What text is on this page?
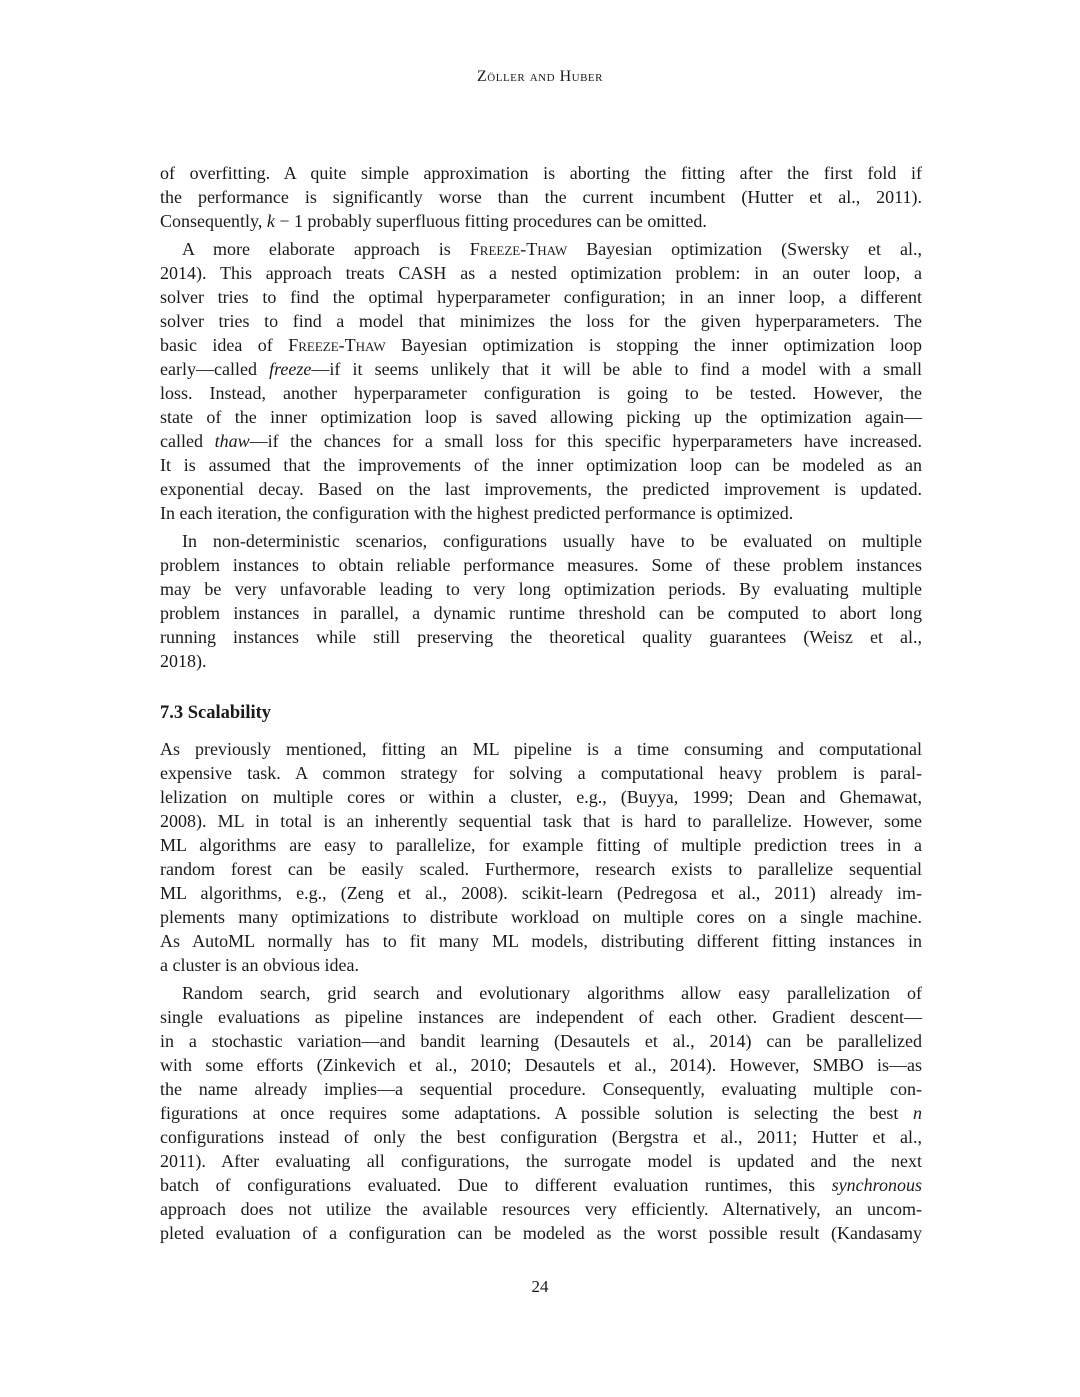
Zöller and Huber
of overfitting. A quite simple approximation is aborting the fitting after the first fold if
the performance is significantly worse than the current incumbent (Hutter et al., 2011).
Consequently, k − 1 probably superfluous fitting procedures can be omitted.
A more elaborate approach is Freeze-Thaw Bayesian optimization (Swersky et al.,
2014). This approach treats CASH as a nested optimization problem: in an outer loop, a
solver tries to find the optimal hyperparameter configuration; in an inner loop, a different
solver tries to find a model that minimizes the loss for the given hyperparameters. The
basic idea of Freeze-Thaw Bayesian optimization is stopping the inner optimization loop
early—called freeze—if it seems unlikely that it will be able to find a model with a small
loss. Instead, another hyperparameter configuration is going to be tested. However, the
state of the inner optimization loop is saved allowing picking up the optimization again—
called thaw—if the chances for a small loss for this specific hyperparameters have increased.
It is assumed that the improvements of the inner optimization loop can be modeled as an
exponential decay. Based on the last improvements, the predicted improvement is updated.
In each iteration, the configuration with the highest predicted performance is optimized.
In non-deterministic scenarios, configurations usually have to be evaluated on multiple
problem instances to obtain reliable performance measures. Some of these problem instances
may be very unfavorable leading to very long optimization periods. By evaluating multiple
problem instances in parallel, a dynamic runtime threshold can be computed to abort long
running instances while still preserving the theoretical quality guarantees (Weisz et al.,
2018).
7.3 Scalability
As previously mentioned, fitting an ML pipeline is a time consuming and computational
expensive task. A common strategy for solving a computational heavy problem is paral-
lelization on multiple cores or within a cluster, e.g., (Buyya, 1999; Dean and Ghemawat,
2008). ML in total is an inherently sequential task that is hard to parallelize. However, some
ML algorithms are easy to parallelize, for example fitting of multiple prediction trees in a
random forest can be easily scaled. Furthermore, research exists to parallelize sequential
ML algorithms, e.g., (Zeng et al., 2008). scikit-learn (Pedregosa et al., 2011) already im-
plements many optimizations to distribute workload on multiple cores on a single machine.
As AutoML normally has to fit many ML models, distributing different fitting instances in
a cluster is an obvious idea.
Random search, grid search and evolutionary algorithms allow easy parallelization of
single evaluations as pipeline instances are independent of each other. Gradient descent—
in a stochastic variation—and bandit learning (Desautels et al., 2014) can be parallelized
with some efforts (Zinkevich et al., 2010; Desautels et al., 2014). However, SMBO is—as
the name already implies—a sequential procedure. Consequently, evaluating multiple con-
figurations at once requires some adaptations. A possible solution is selecting the best n
configurations instead of only the best configuration (Bergstra et al., 2011; Hutter et al.,
2011). After evaluating all configurations, the surrogate model is updated and the next
batch of configurations evaluated. Due to different evaluation runtimes, this synchronous
approach does not utilize the available resources very efficiently. Alternatively, an uncom-
pleted evaluation of a configuration can be modeled as the worst possible result (Kandasamy
24
